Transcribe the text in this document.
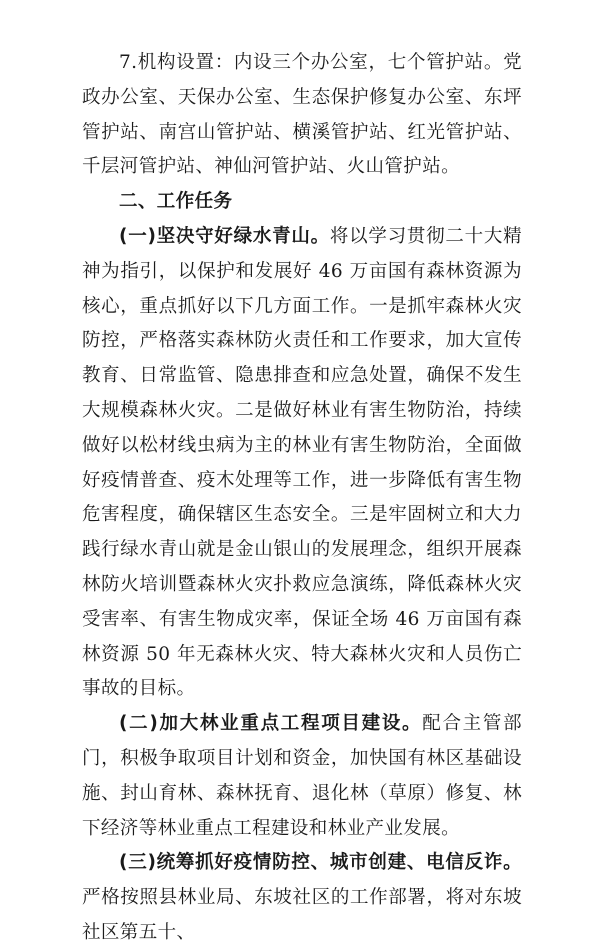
7.机构设置：内设三个办公室，七个管护站。党政办公室、天保办公室、生态保护修复办公室、东坪管护站、南宫山管护站、横溪管护站、红光管护站、千层河管护站、神仙河管护站、火山管护站。

二、工作任务

(一)坚决守好绿水青山。将以学习贯彻二十大精神为指引，以保护和发展好 46 万亩国有森林资源为核心，重点抓好以下几方面工作。一是抓牢森林火灾防控，严格落实森林防火责任和工作要求，加大宣传教育、日常监管、隐患排查和应急处置，确保不发生大规模森林火灾。二是做好林业有害生物防治，持续做好以松材线虫病为主的林业有害生物防治，全面做好疫情普查、疫木处理等工作，进一步降低有害生物危害程度，确保辖区生态安全。三是牢固树立和大力践行绿水青山就是金山银山的发展理念，组织开展森林防火培训暨森林火灾扑救应急演练，降低森林火灾受害率、有害生物成灾率，保证全场 46 万亩国有森林资源 50 年无森林火灾、特大森林火灾和人员伤亡事故的目标。

(二)加大林业重点工程项目建设。配合主管部门，积极争取项目计划和资金，加快国有林区基础设施、封山育林、森林抚育、退化林（草原）修复、林下经济等林业重点工程建设和林业产业发展。

(三)统筹抓好疫情防控、城市创建、电信反诈。严格按照县林业局、东坡社区的工作部署，将对东坡社区第五十、
